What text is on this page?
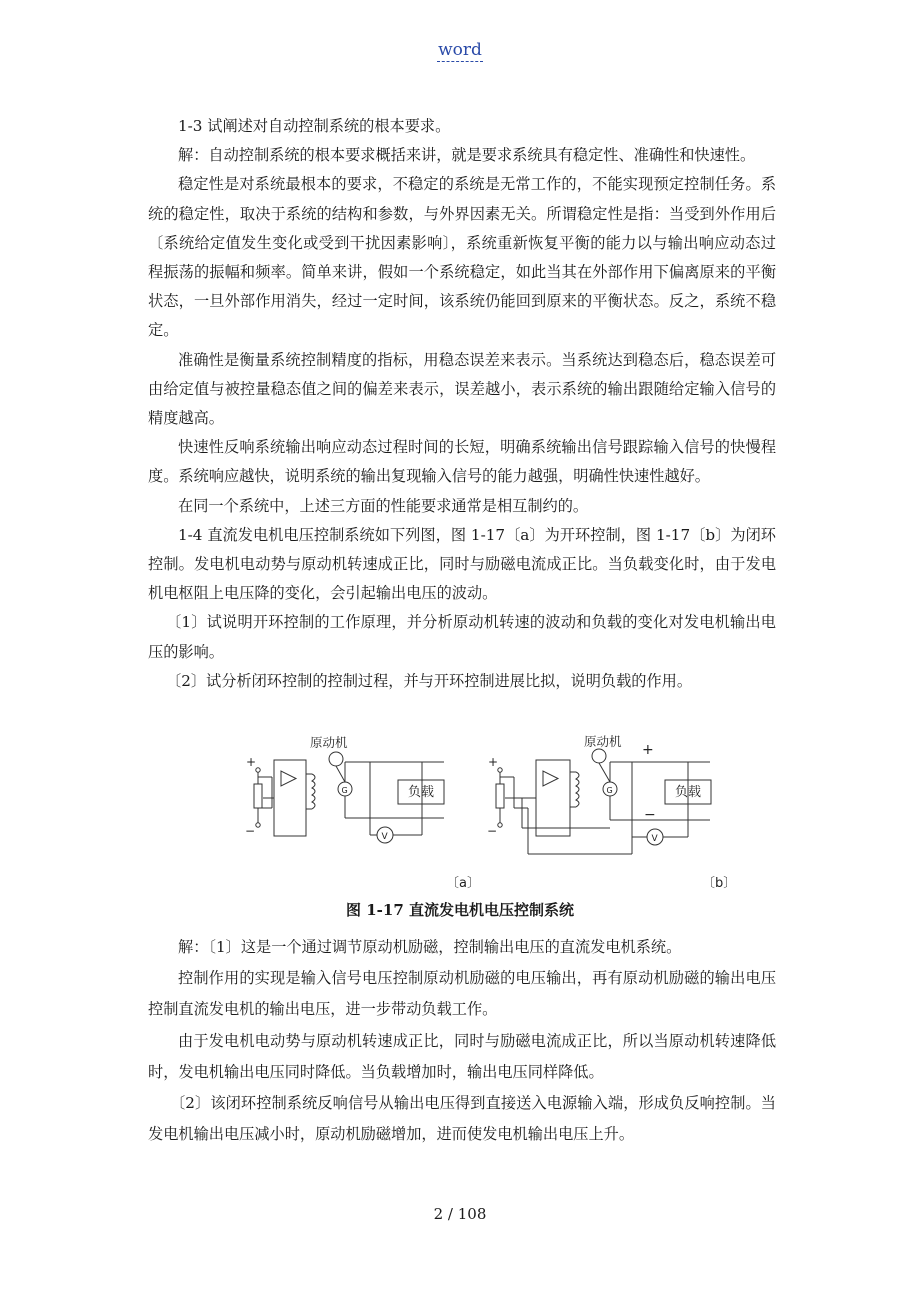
word

1-3 试阐述对自动控制系统的根本要求。

解：自动控制系统的根本要求概括来讲，就是要求系统具有稳定性、准确性和快速性。

稳定性是对系统最根本的要求，不稳定的系统是无常工作的，不能实现预定控制任务。系统的稳定性，取决于系统的结构和参数，与外界因素无关。所谓稳定性是指：当受到外作用后〔系统给定值发生变化或受到干扰因素影响〕，系统重新恢复平衡的能力以与输出响应动态过程振荡的振幅和频率。简单来讲，假如一个系统稳定，如此当其在外部作用下偏离原来的平衡状态，一旦外部作用消失，经过一定时间，该系统仍能回到原来的平衡状态。反之，系统不稳定。

准确性是衡量系统控制精度的指标，用稳态误差来表示。当系统达到稳态后，稳态误差可由给定值与被控量稳态值之间的偏差来表示，误差越小，表示系统的输出跟随给定输入信号的精度越高。

快速性反响系统输出响应动态过程时间的长短，明确系统输出信号跟踪输入信号的快慢程度。系统响应越快，说明系统的输出复现输入信号的能力越强，明确性快速性越好。

在同一个系统中，上述三方面的性能要求通常是相互制约的。

1-4 直流发电机电压控制系统如下列图，图 1-17〔a〕为开环控制，图 1-17〔b〕为闭环控制。发电机电动势与原动机转速成正比，同时与励磁电流成正比。当负载变化时，由于发电机电枢阻上电压降的变化，会引起输出电压的波动。

〔1〕试说明开环控制的工作原理，并分析原动机转速的波动和负载的变化对发电机输出电压的影响。

〔2〕试分析闭环控制的控制过程，并与开环控制进展比拟，说明负载的作用。

+
−
原动机
G
V
负载
〔a〕
+
−
原动机
+
−
G
V
负载
〔b〕
图 1-17 直流发电机电压控制系统

解：〔1〕这是一个通过调节原动机励磁，控制输出电压的直流发电机系统。

控制作用的实现是输入信号电压控制原动机励磁的电压输出，再有原动机励磁的输出电压控制直流发电机的输出电压，进一步带动负载工作。

由于发电机电动势与原动机转速成正比，同时与励磁电流成正比，所以当原动机转速降低时，发电机输出电压同时降低。当负载增加时，输出电压同样降低。

〔2〕该闭环控制系统反响信号从输出电压得到直接送入电源输入端，形成负反响控制。当发电机输出电压减小时，原动机励磁增加，进而使发电机输出电压上升。

2 / 108
